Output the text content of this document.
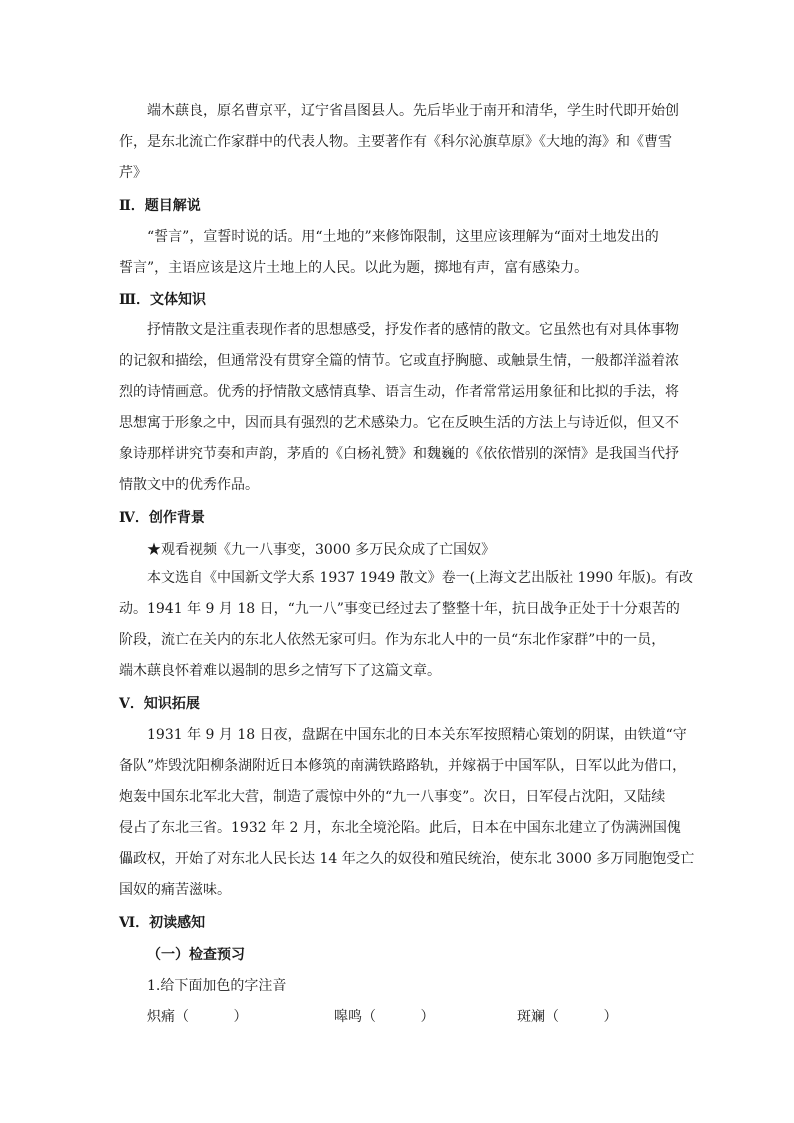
端木蕻良，原名曹京平，辽宁省昌图县人。先后毕业于南开和清华，学生时代即开始创
作，是东北流亡作家群中的代表人物。主要著作有《科尔沁旗草原》《大地的海》和《曹雪
芹》

Ⅱ．题目解说

“誓言”，宣誓时说的话。用“土地的”来修饰限制，这里应该理解为“面对土地发出的
誓言”，主语应该是这片土地上的人民。以此为题，掷地有声，富有感染力。

Ⅲ．文体知识

抒情散文是注重表现作者的思想感受，抒发作者的感情的散文。它虽然也有对具体事物
的记叙和描绘，但通常没有贯穿全篇的情节。它或直抒胸臆、或触景生情，一般都洋溢着浓
烈的诗情画意。优秀的抒情散文感情真挚、语言生动，作者常常运用象征和比拟的手法，将
思想寓于形象之中，因而具有强烈的艺术感染力。它在反映生活的方法上与诗近似，但又不
象诗那样讲究节奏和声韵，茅盾的《白杨礼赞》和魏巍的《依依惜别的深情》是我国当代抒
情散文中的优秀作品。

Ⅳ．创作背景
★观看视频《九一八事变，3000 多万民众成了亡国奴》

本文选自《中国新文学大系 1937 1949 散文》卷一(上海文艺出版社 1990 年版)。有改
动。1941 年 9 月 18 日，“九一八”事变已经过去了整整十年，抗日战争正处于十分艰苦的
阶段，流亡在关内的东北人依然无家可归。作为东北人中的一员“东北作家群”中的一员，
端木蕻良怀着难以遏制的思乡之情写下了这篇文章。

Ⅴ．知识拓展

1931 年 9 月 18 日夜，盘踞在中国东北的日本关东军按照精心策划的阴谋，由铁道“守
备队”炸毁沈阳柳条湖附近日本修筑的南满铁路路轨，并嫁祸于中国军队，日军以此为借口，
炮轰中国东北军北大营，制造了震惊中外的“九一八事变”。次日，日军侵占沈阳，又陆续
侵占了东北三省。1932 年 2 月，东北全境沦陷。此后，日本在中国东北建立了伪满洲国傀
儡政权，开始了对东北人民长达 14 年之久的奴役和殖民统治，使东北 3000 多万同胞饱受亡
国奴的痛苦滋味。

Ⅵ．初读感知
（一）检查预习
1.给下面加色的字注音
炽痛（          ）	嗥鸣（          ）	斑斓（          ）
